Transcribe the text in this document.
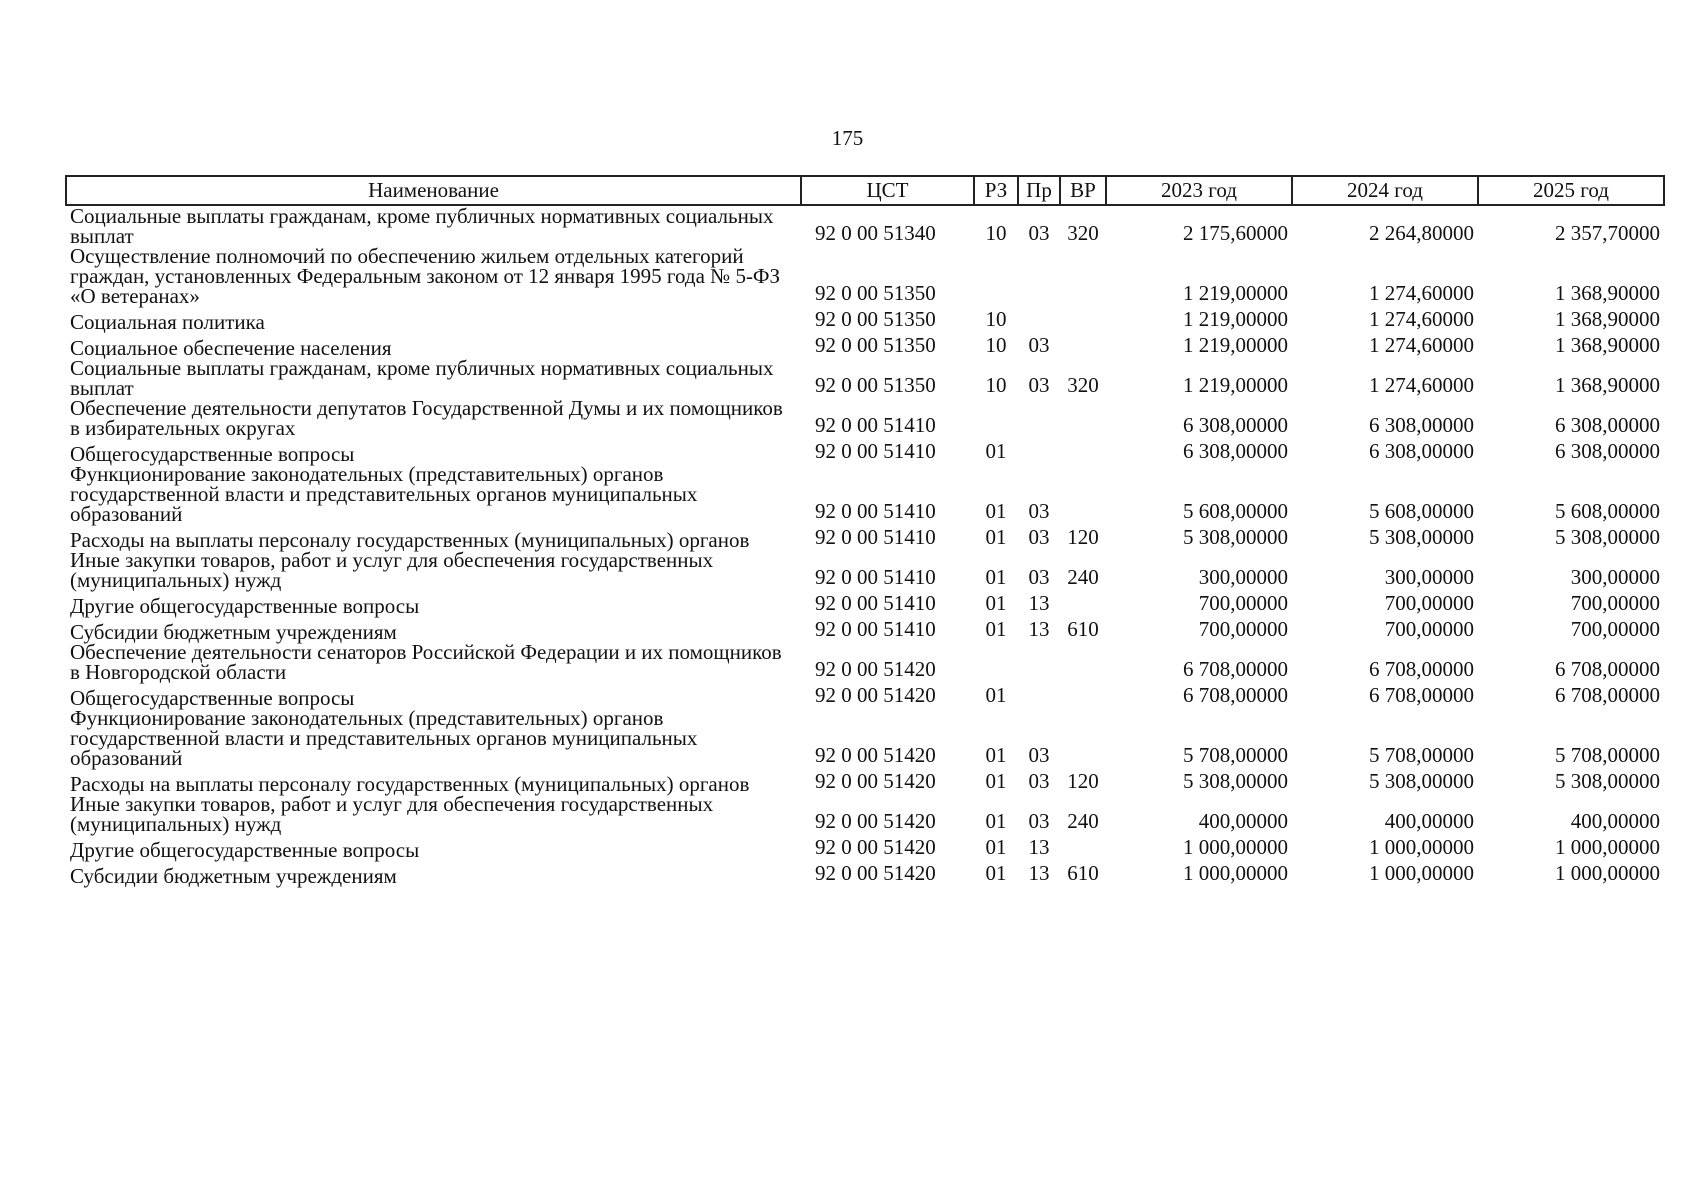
175
Наименование	ЦСТ	РЗ	Пр	ВР	2023 год	2024 год	2025 год
Социальные выплаты гражданам, кроме публичных нормативных социальных выплат	92 0 00 51340	10	03	320	2 175,60000	2 264,80000	2 357,70000
Осуществление полномочий по обеспечению жильем отдельных категорий граждан, установленных Федеральным законом от 12 января 1995 года № 5-ФЗ «О ветеранах»	92 0 00 51350				1 219,00000	1 274,60000	1 368,90000
Социальная политика	92 0 00 51350	10			1 219,00000	1 274,60000	1 368,90000
Социальное обеспечение населения	92 0 00 51350	10	03		1 219,00000	1 274,60000	1 368,90000
Социальные выплаты гражданам, кроме публичных нормативных социальных выплат	92 0 00 51350	10	03	320	1 219,00000	1 274,60000	1 368,90000
Обеспечение деятельности депутатов Государственной Думы и их помощников в избирательных округах	92 0 00 51410				6 308,00000	6 308,00000	6 308,00000
Общегосударственные вопросы	92 0 00 51410	01			6 308,00000	6 308,00000	6 308,00000
Функционирование законодательных (представительных) органов государственной власти и представительных органов муниципальных образований	92 0 00 51410	01	03		5 608,00000	5 608,00000	5 608,00000
Расходы на выплаты персоналу государственных (муниципальных) органов	92 0 00 51410	01	03	120	5 308,00000	5 308,00000	5 308,00000
Иные закупки товаров, работ и услуг для обеспечения государственных (муниципальных) нужд	92 0 00 51410	01	03	240	300,00000	300,00000	300,00000
Другие общегосударственные вопросы	92 0 00 51410	01	13		700,00000	700,00000	700,00000
Субсидии бюджетным учреждениям	92 0 00 51410	01	13	610	700,00000	700,00000	700,00000
Обеспечение деятельности сенаторов Российской Федерации и их помощников в Новгородской области	92 0 00 51420				6 708,00000	6 708,00000	6 708,00000
Общегосударственные вопросы	92 0 00 51420	01			6 708,00000	6 708,00000	6 708,00000
Функционирование законодательных (представительных) органов государственной власти и представительных органов муниципальных образований	92 0 00 51420	01	03		5 708,00000	5 708,00000	5 708,00000
Расходы на выплаты персоналу государственных (муниципальных) органов	92 0 00 51420	01	03	120	5 308,00000	5 308,00000	5 308,00000
Иные закупки товаров, работ и услуг для обеспечения государственных (муниципальных) нужд	92 0 00 51420	01	03	240	400,00000	400,00000	400,00000
Другие общегосударственные вопросы	92 0 00 51420	01	13		1 000,00000	1 000,00000	1 000,00000
Субсидии бюджетным учреждениям	92 0 00 51420	01	13	610	1 000,00000	1 000,00000	1 000,00000
